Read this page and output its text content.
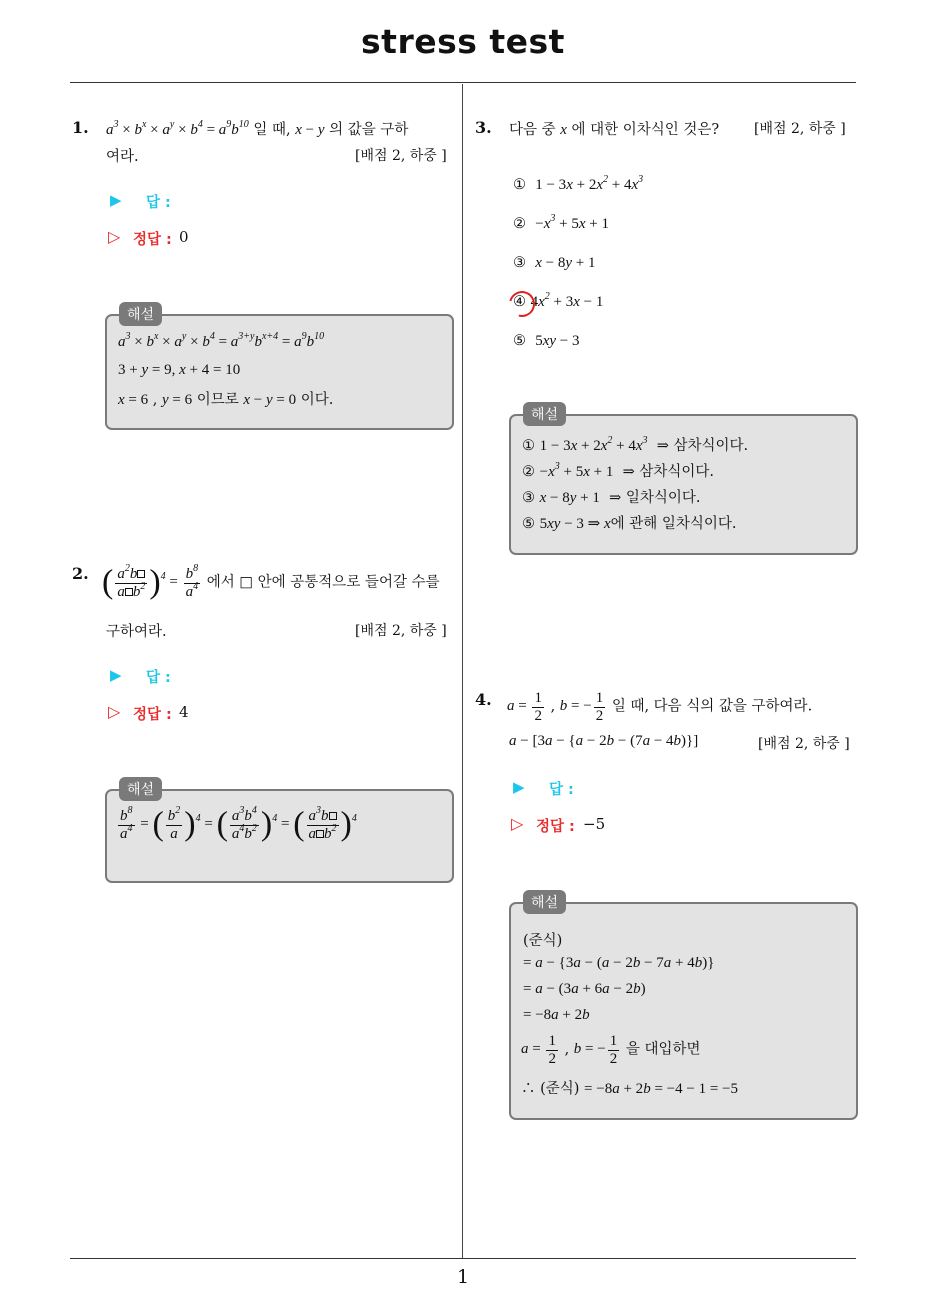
stress test
1
1. $a^3 \times b^x \times a^y \times b^4 = a^9b^{10}$ 일 때, x − y 의 값을 구하
여라.	[배점 2, 하중 ]
▶ 답 :
▷ 정답 : 0
해설
$a^3 \times b^x \times a^y \times b^4 = a^{3+y}b^{x+4} = a^9b^{10}$
3 + y = 9, x + 4 = 10
x = 6 , y = 6 이므로 x − y = 0 이다.
2. ( $\frac{a^2b}{a b^2} )^4 = \frac{b^8}{a^4}$ 에서 □ 안에 공통적으로 들어갈 수를
구하여라.	[배점 2, 하중 ]
▶ 답 :
▷ 정답 : 4
해설
$\frac{b^8}{a^4}$ = ( $\frac{b^2}{a} )^4$ = ( $\frac{a^3b^4}{a^4b^2} )^4$ = ( $\frac{a^3b}{a b^2} )^4$
3. 다음 중 x 에 대한 이차식인 것은? [배점 2, 하중 ]
① $1 - 3x + 2x^2 + 4x^3$
② $-x^3 + 5x + 1$
③ x − 8y + 1
④ $4x^2 + 3x - 1$
⑤ 5xy − 3
해설
① $1 - 3x + 2x^2 + 4x^3$ ⇒ 삼차식이다.
② $-x^3 + 5x + 1$ ⇒ 삼차식이다.
③ x − 8y + 1 ⇒ 일차식이다.
⑤ 5xy − 3 ⇒ x에 관해 일차식이다.
4. $a = \frac{1}{2}$ , b = − $\frac{1}{2}$ 일 때, 다음 식의 값을 구하여라.
a − [3a − {a − 2b − (7a − 4b)}]	[배점 2, 하중 ]
▶ 답 :
▷ 정답 : −5
해설
(준식)
= a − {3a − (a − 2b − 7a + 4b)}
= a − (3a + 6a − 2b)
= −8a + 2b
$a = \frac{1}{2}$ , b = − $\frac{1}{2}$ 을 대입하면
∴ (준식) = −8a + 2b = −4 − 1 = −5
